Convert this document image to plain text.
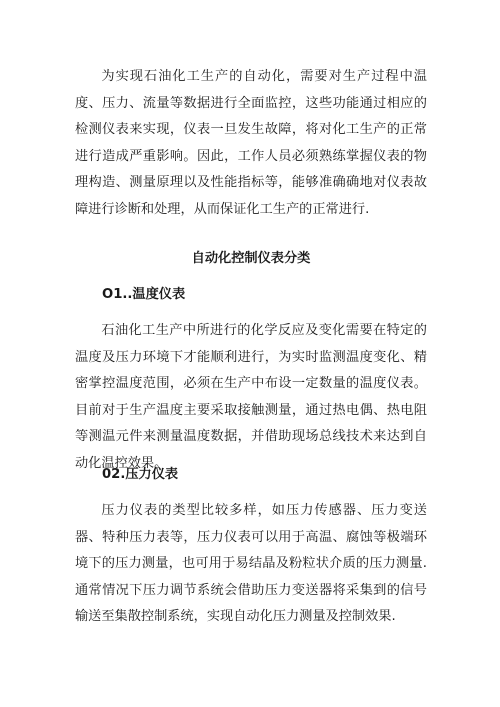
为实现石油化工生产的自动化，需要对生产过程中温度、压力、流量等数据进行全面监控，这些功能通过相应的检测仪表来实现，仪表一旦发生故障，将对化工生产的正常进行造成严重影响。因此，工作人员必须熟练掌握仪表的物理构造、测量原理以及性能指标等，能够准确确地对仪表故障进行诊断和处理，从而保证化工生产的正常进行.

自动化控制仪表分类
O1..温度仪表

石油化工生产中所进行的化学反应及变化需要在特定的温度及压力环境下才能顺利进行，为实时监测温度变化、精密掌控温度范围，必须在生产中布设一定数量的温度仪表。目前对于生产温度主要采取接触测量，通过热电偶、热电阻等测温元件来测量温度数据，并借助现场总线技术来达到自动化温控效果。

02.压力仪表

压力仪表的类型比较多样，如压力传感器、压力变送器、特种压力表等，压力仪表可以用于高温、腐蚀等极端环境下的压力测量，也可用于易结晶及粉粒状介质的压力测量.通常情况下压力调节系统会借助压力变送器将采集到的信号输送至集散控制系统，实现自动化压力测量及控制效果.
